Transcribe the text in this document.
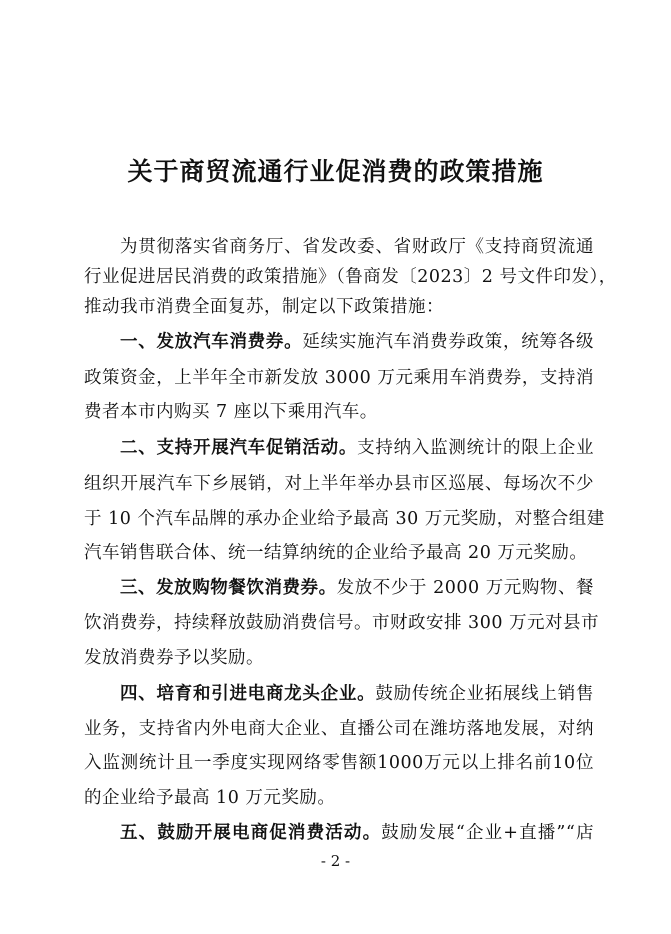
关于商贸流通行业促消费的政策措施
为贯彻落实省商务厅、省发改委、省财政厅《支持商贸流通
行业促进居民消费的政策措施》（鲁商发〔2023〕2 号文件印发），
推动我市消费全面复苏，制定以下政策措施：
一、发放汽车消费券。延续实施汽车消费券政策，统筹各级
政策资金，上半年全市新发放 3000 万元乘用车消费券，支持消
费者本市内购买 7 座以下乘用汽车。
二、支持开展汽车促销活动。支持纳入监测统计的限上企业
组织开展汽车下乡展销，对上半年举办县市区巡展、每场次不少
于 10 个汽车品牌的承办企业给予最高 30 万元奖励，对整合组建
汽车销售联合体、统一结算纳统的企业给予最高 20 万元奖励。
三、发放购物餐饮消费券。发放不少于 2000 万元购物、餐
饮消费券，持续释放鼓励消费信号。市财政安排 300 万元对县市
发放消费券予以奖励。
四、培育和引进电商龙头企业。鼓励传统企业拓展线上销售
业务，支持省内外电商大企业、直播公司在潍坊落地发展，对纳
入监测统计且一季度实现网络零售额1000万元以上排名前10位
的企业给予最高 10 万元奖励。
五、鼓励开展电商促消费活动。鼓励发展“企业+直播”“店
- 2 -
